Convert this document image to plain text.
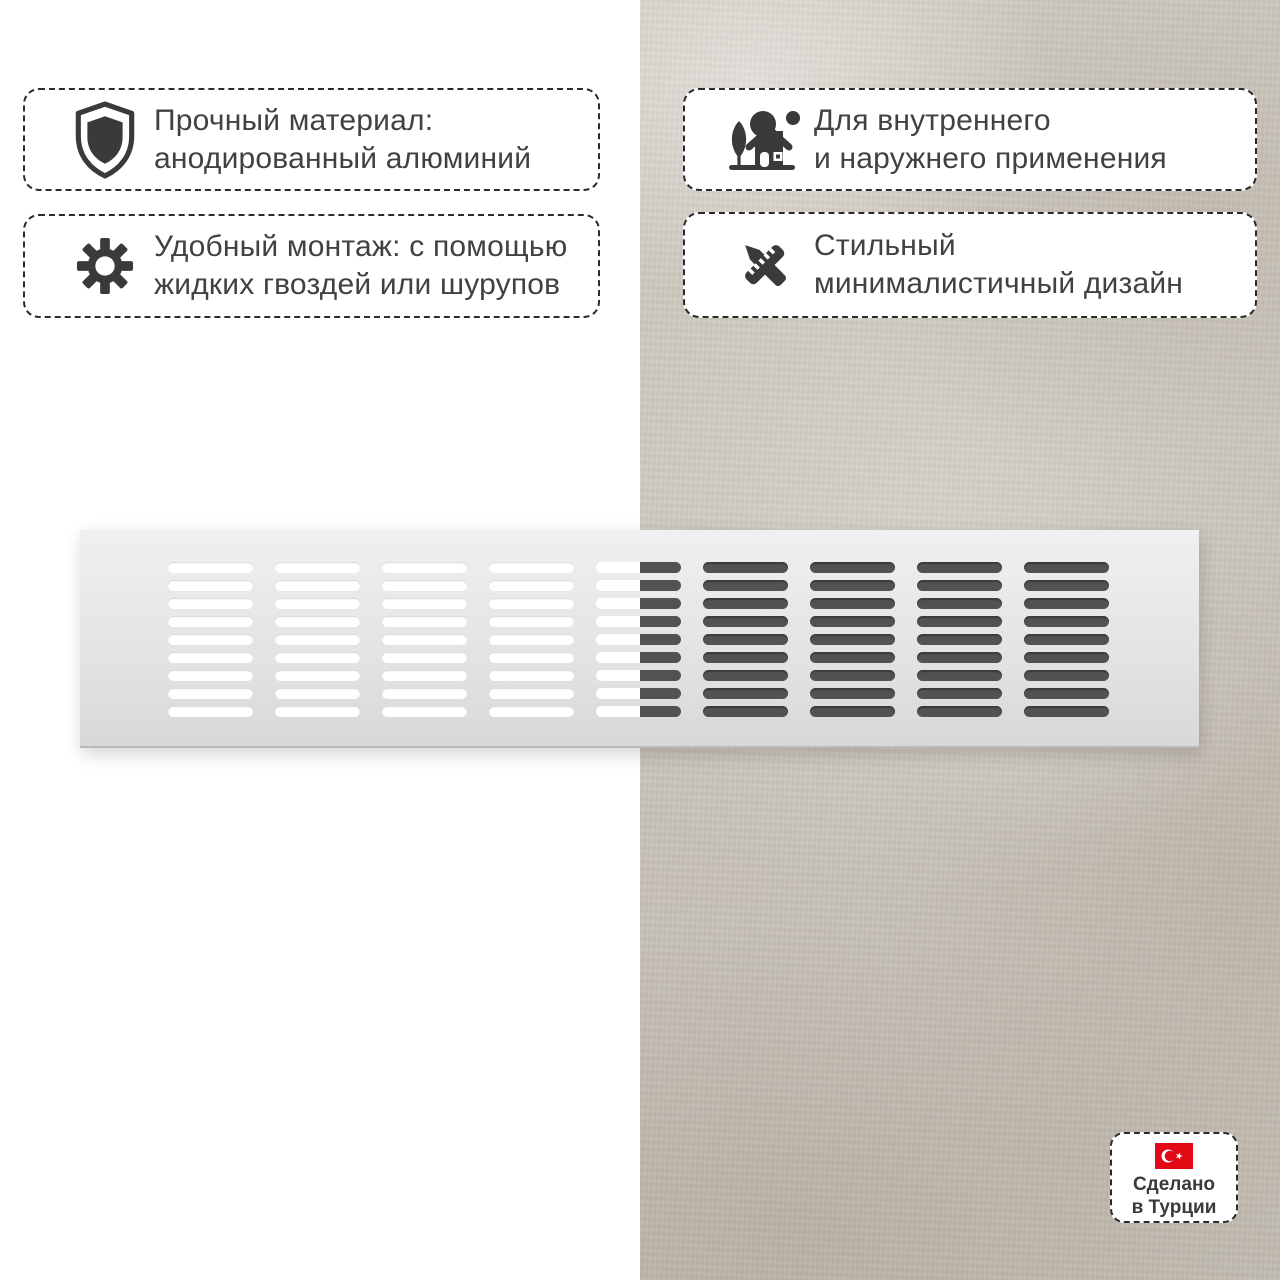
Прочный материал:
анодированный алюминий
Для внутреннего
и наружнего применения
Удобный монтаж: с помощью
жидких гвоздей или шурупов
Стильный
минималистичный дизайн
Сделано
в Турции
